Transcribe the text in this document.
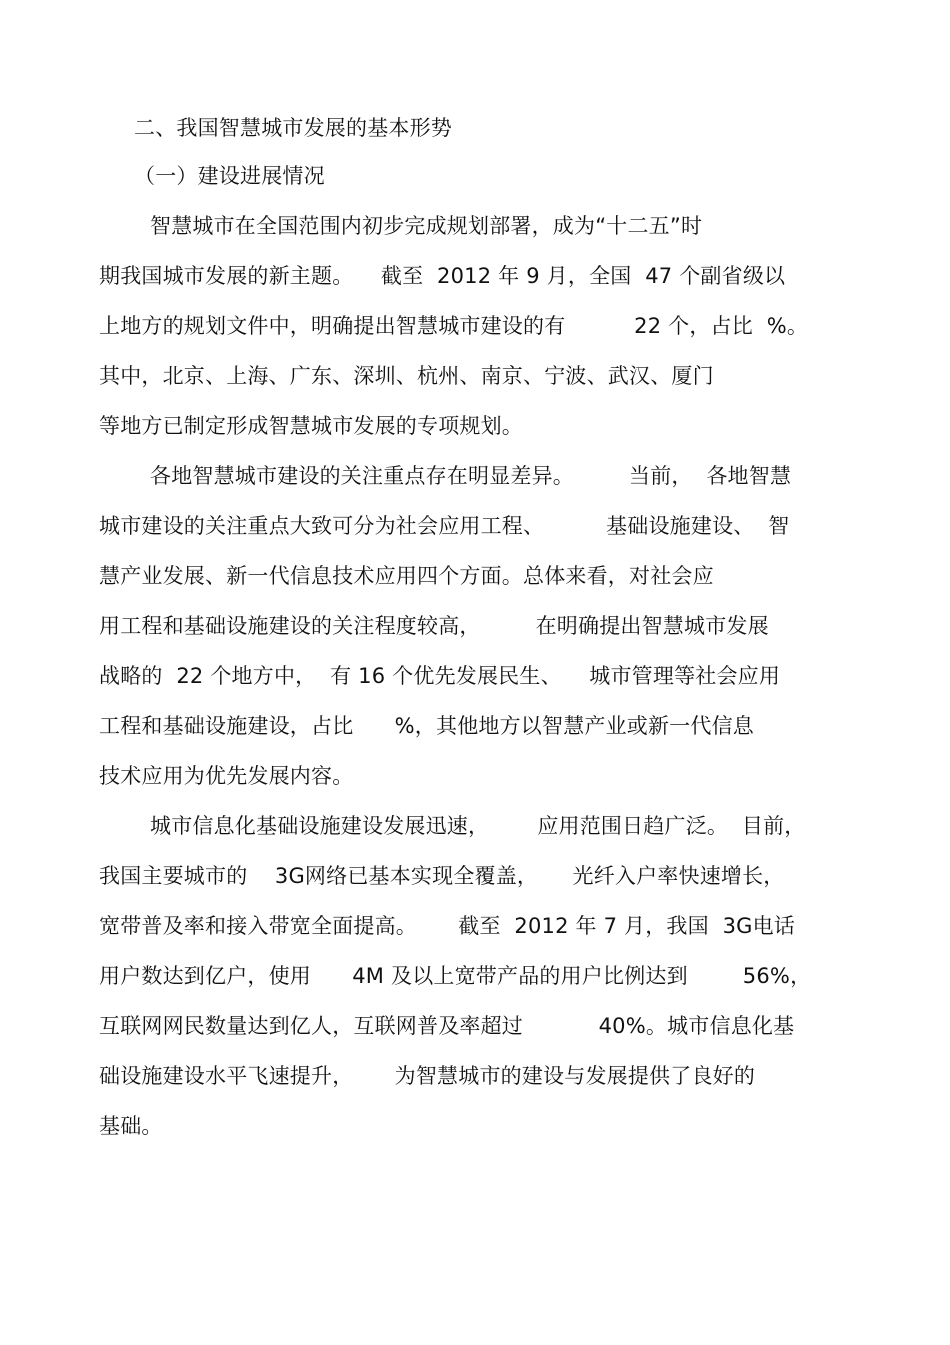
二、我国智慧城市发展的基本形势
（一）建设进展情况
智慧城市在全国范围内初步完成规划部署，成为“十二五”时
期我国城市发展的新主题。    截至  2012 年 9 月，全国  47 个副省级以
上地方的规划文件中，明确提出智慧城市建设的有          22 个，占比  %。
其中，北京、上海、广东、深圳、杭州、南京、宁波、武汉、厦门
等地方已制定形成智慧城市发展的专项规划。
各地智慧城市建设的关注重点存在明显差异。        当前，  各地智慧
城市建设的关注重点大致可分为社会应用工程、         基础设施建设、  智
慧产业发展、新一代信息技术应用四个方面。总体来看，对社会应
用工程和基础设施建设的关注程度较高，        在明确提出智慧城市发展
战略的  22 个地方中，  有 16 个优先发展民生、    城市管理等社会应用
工程和基础设施建设，占比      %，其他地方以智慧产业或新一代信息
技术应用为优先发展内容。
城市信息化基础设施建设发展迅速，       应用范围日趋广泛。  目前，
我国主要城市的    3G网络已基本实现全覆盖，     光纤入户率快速增长，
宽带普及率和接入带宽全面提高。      截至  2012 年 7 月，我国  3G电话
用户数达到亿户，使用      4M 及以上宽带产品的用户比例达到        56%，
互联网网民数量达到亿人，互联网普及率超过           40%。城市信息化基
础设施建设水平飞速提升，      为智慧城市的建设与发展提供了良好的
基础。
